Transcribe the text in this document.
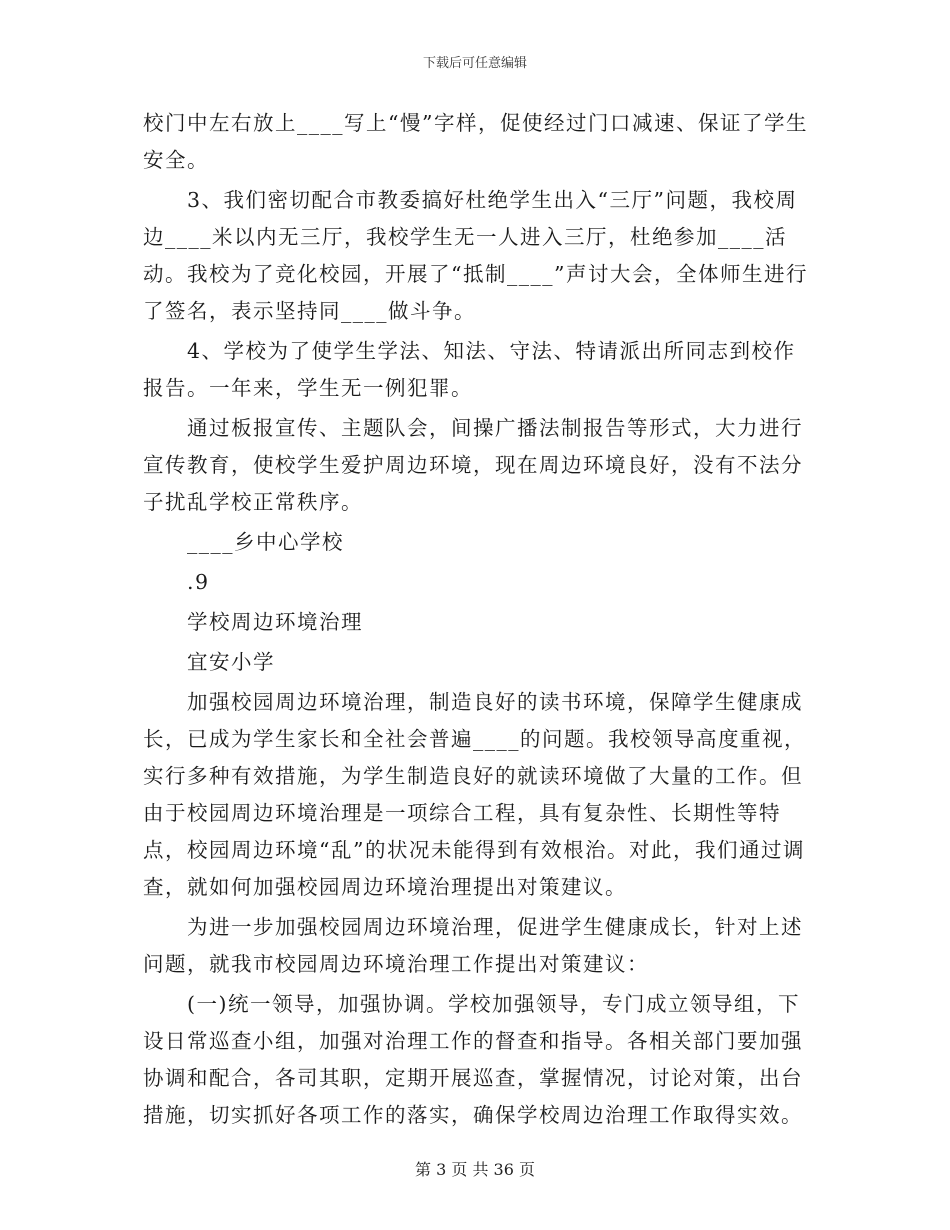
下载后可任意编辑

校门中左右放上____写上“慢”字样，促使经过门口减速、保证了学生安全。

3、我们密切配合市教委搞好杜绝学生出入“三厅”问题，我校周边____米以内无三厅，我校学生无一人进入三厅，杜绝参加____活动。我校为了竞化校园，开展了“抵制____”声讨大会，全体师生进行了签名，表示坚持同____做斗争。

4、学校为了使学生学法、知法、守法、特请派出所同志到校作报告。一年来，学生无一例犯罪。

通过板报宣传、主题队会，间操广播法制报告等形式，大力进行宣传教育，使校学生爱护周边环境，现在周边环境良好，没有不法分子扰乱学校正常秩序。

____乡中心学校

.9

学校周边环境治理

宜安小学

加强校园周边环境治理，制造良好的读书环境，保障学生健康成长，已成为学生家长和全社会普遍____的问题。我校领导高度重视，实行多种有效措施，为学生制造良好的就读环境做了大量的工作。但由于校园周边环境治理是一项综合工程，具有复杂性、长期性等特点，校园周边环境“乱”的状况未能得到有效根治。对此，我们通过调查，就如何加强校园周边环境治理提出对策建议。

为进一步加强校园周边环境治理，促进学生健康成长，针对上述问题，就我市校园周边环境治理工作提出对策建议：

(一)统一领导，加强协调。学校加强领导，专门成立领导组，下设日常巡查小组，加强对治理工作的督查和指导。各相关部门要加强协调和配合，各司其职，定期开展巡查，掌握情况，讨论对策，出台措施，切实抓好各项工作的落实，确保学校周边治理工作取得实效。

第 3 页 共 36 页
